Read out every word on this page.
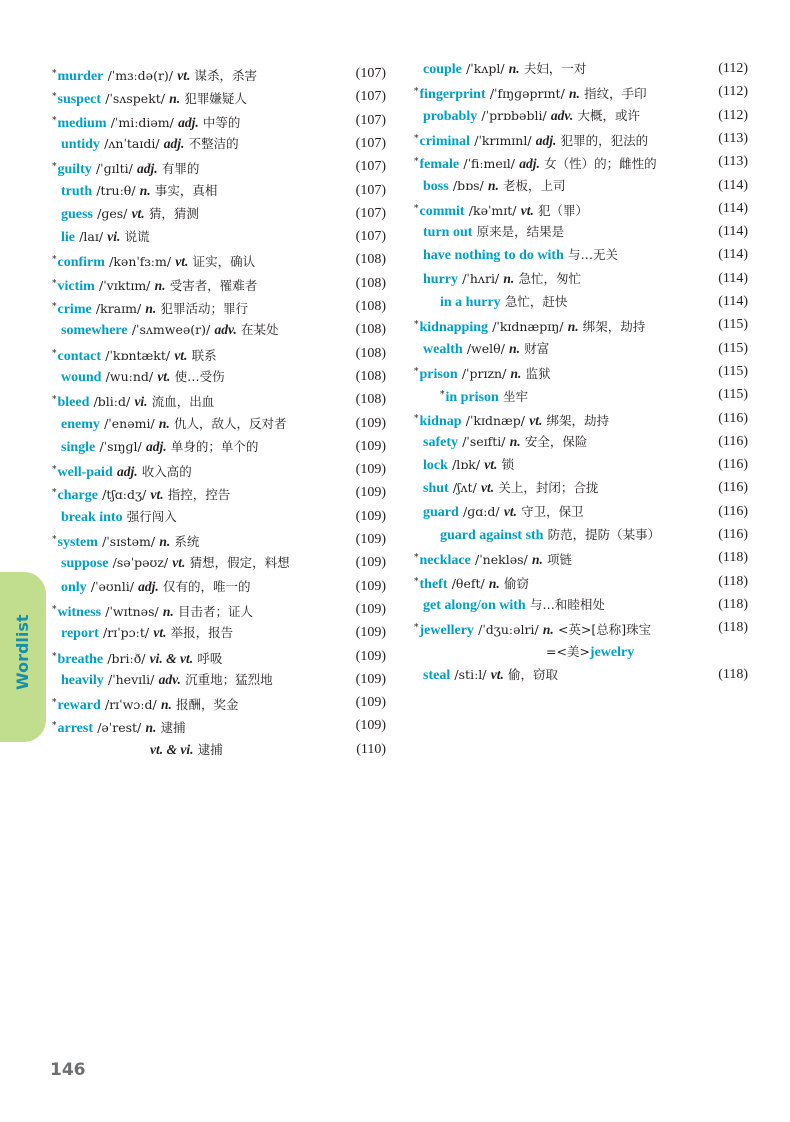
Wordlist
*murder /ˈmɜːdə(r)/ vt. 谋杀，杀害	(107)
*suspect /ˈsʌspekt/ n. 犯罪嫌疑人	(107)
*medium /ˈmiːdiəm/ adj. 中等的	(107)
untidy /ʌnˈtaɪdi/ adj. 不整洁的	(107)
*guilty /ˈɡɪlti/ adj. 有罪的	(107)
truth /truːθ/ n. 事实，真相	(107)
guess /ɡes/ vt. 猜，猜测	(107)
lie /laɪ/ vi. 说谎	(107)
*confirm /kənˈfɜːm/ vt. 证实，确认	(108)
*victim /ˈvɪktɪm/ n. 受害者，罹难者	(108)
*crime /kraɪm/ n. 犯罪活动；罪行	(108)
somewhere /ˈsʌmweə(r)/ adv. 在某处	(108)
*contact /ˈkɒntækt/ vt. 联系	(108)
wound /wuːnd/ vt. 使…受伤	(108)
*bleed /bliːd/ vi. 流血，出血	(108)
enemy /ˈenəmi/ n. 仇人，敌人，反对者	(109)
single /ˈsɪŋɡl/ adj. 单身的；单个的	(109)
*well-paid adj. 收入高的	(109)
*charge /tʃɑːdʒ/ vt. 指控，控告	(109)
break into 强行闯入	(109)
*system /ˈsɪstəm/ n. 系统	(109)
suppose /səˈpəʊz/ vt. 猜想，假定，料想	(109)
only /ˈəʊnli/ adj. 仅有的，唯一的	(109)
*witness /ˈwɪtnəs/ n. 目击者；证人	(109)
report /rɪˈpɔːt/ vt. 举报，报告	(109)
*breathe /briːð/ vi. & vt. 呼吸	(109)
heavily /ˈhevɪli/ adv. 沉重地；猛烈地	(109)
*reward /rɪˈwɔːd/ n. 报酬，奖金	(109)
*arrest /əˈrest/ n. 逮捕	(109)
vt. & vi. 逮捕	(110)
couple /ˈkʌpl/ n. 夫妇，一对	(112)
*fingerprint /ˈfɪŋɡəprɪnt/ n. 指纹，手印	(112)
probably /ˈprɒbəbli/ adv. 大概，或许	(112)
*criminal /ˈkrɪmɪnl/ adj. 犯罪的，犯法的	(113)
*female /ˈfiːmeɪl/ adj. 女（性）的；雌性的	(113)
boss /bɒs/ n. 老板，上司	(114)
*commit /kəˈmɪt/ vt. 犯（罪）	(114)
turn out 原来是，结果是	(114)
have nothing to do with 与…无关	(114)
hurry /ˈhʌri/ n. 急忙，匆忙	(114)
in a hurry 急忙，赶快	(114)
*kidnapping /ˈkɪdnæpɪŋ/ n. 绑架，劫持	(115)
wealth /welθ/ n. 财富	(115)
*prison /ˈprɪzn/ n. 监狱	(115)
*in prison 坐牢	(115)
*kidnap /ˈkɪdnæp/ vt. 绑架，劫持	(116)
safety /ˈseɪfti/ n. 安全，保险	(116)
lock /lɒk/ vt. 锁	(116)
shut /ʃʌt/ vt. 关上，封闭；合拢	(116)
guard /ɡɑːd/ vt. 守卫，保卫	(116)
guard against sth 防范，提防（某事）	(116)
*necklace /ˈnekləs/ n. 项链	(118)
*theft /θeft/ n. 偷窃	(118)
get along/on with 与…和睦相处	(118)
*jewellery /ˈdʒuːəlri/ n. <英>[总称]珠宝	(118)
=<美>jewelry
steal /stiːl/ vt. 偷，窃取	(118)
146
